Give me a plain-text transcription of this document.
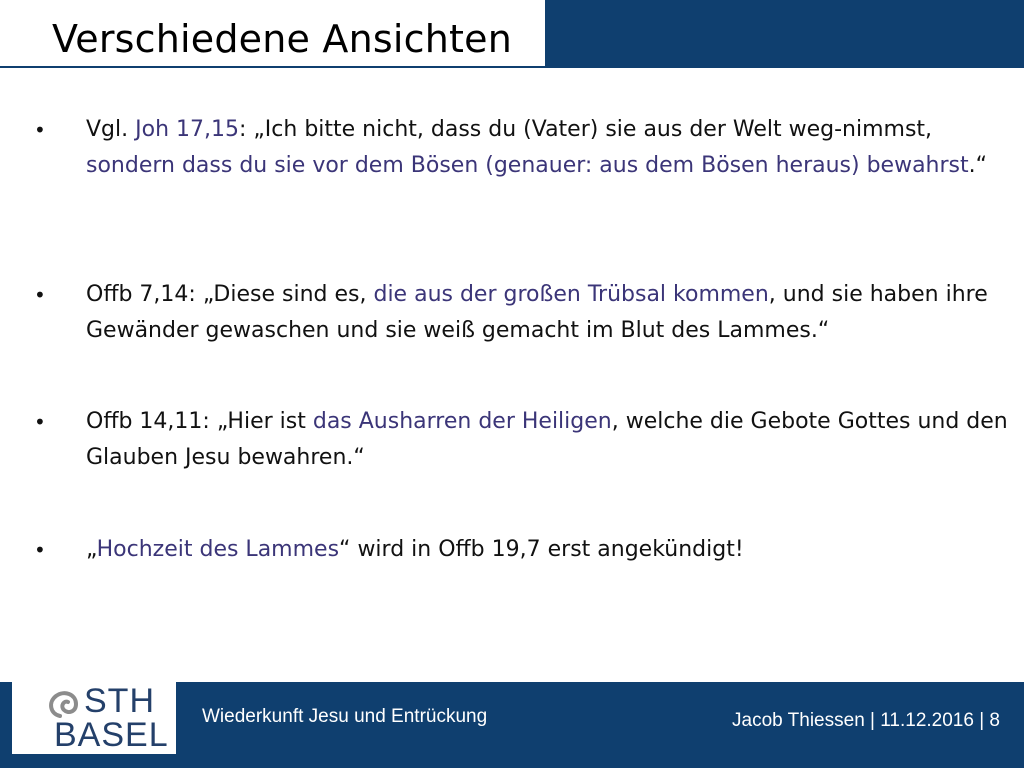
Verschiedene Ansichten
• Vgl. Joh 17,15: „Ich bitte nicht, dass du (Vater) sie aus der Welt weg-nimmst, sondern dass du sie vor dem Bösen (genauer: aus dem Bösen heraus) bewahrst.“
• Offb 7,14: „Diese sind es, die aus der großen Trübsal kommen, und sie haben ihre Gewänder gewaschen und sie weiß gemacht im Blut des Lammes.“
• Offb 14,11: „Hier ist das Ausharren der Heiligen, welche die Gebote Gottes und den Glauben Jesu bewahren.“
• „Hochzeit des Lammes“ wird in Offb 19,7 erst angekündigt!
STH
BASEL Wiederkunft Jesu und Entrückung	Jacob Thiessen | 11.12.2016 | 8
